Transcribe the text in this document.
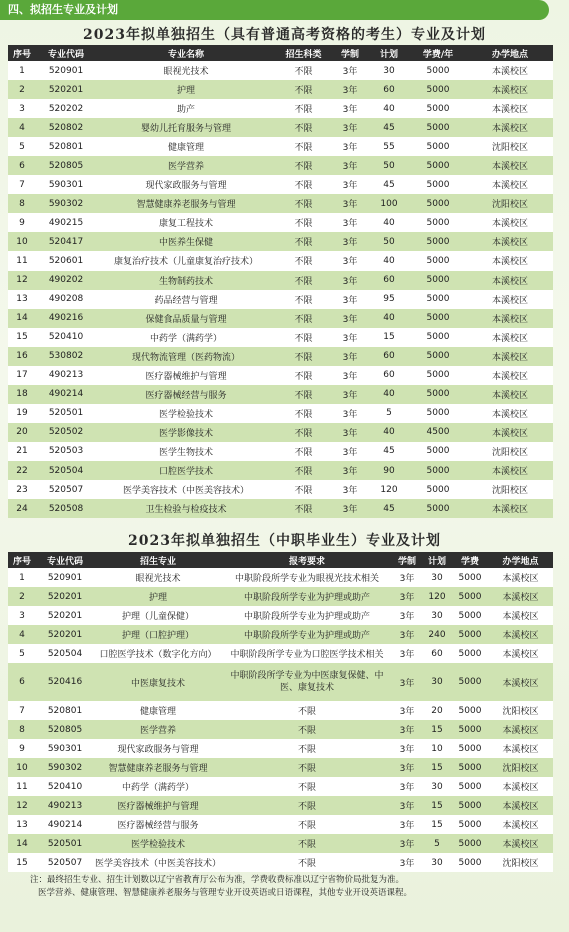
四、拟招生专业及计划
2023年拟单独招生（具有普通高考资格的考生）专业及计划
序号	专业代码	专业名称	招生科类	学制	计划	学费/年	办学地点
1	520901	眼视光技术	不限	3年	30	5000	本溪校区
2	520201	护理	不限	3年	60	5000	本溪校区
3	520202	助产	不限	3年	40	5000	本溪校区
4	520802	婴幼儿托育服务与管理	不限	3年	45	5000	本溪校区
5	520801	健康管理	不限	3年	55	5000	沈阳校区
6	520805	医学营养	不限	3年	50	5000	本溪校区
7	590301	现代家政服务与管理	不限	3年	45	5000	本溪校区
8	590302	智慧健康养老服务与管理	不限	3年	100	5000	沈阳校区
9	490215	康复工程技术	不限	3年	40	5000	本溪校区
10	520417	中医养生保健	不限	3年	50	5000	本溪校区
11	520601	康复治疗技术（儿童康复治疗技术）	不限	3年	40	5000	本溪校区
12	490202	生物制药技术	不限	3年	60	5000	本溪校区
13	490208	药品经营与管理	不限	3年	95	5000	本溪校区
14	490216	保健食品质量与管理	不限	3年	40	5000	本溪校区
15	520410	中药学（满药学）	不限	3年	15	5000	本溪校区
16	530802	现代物流管理（医药物流）	不限	3年	60	5000	本溪校区
17	490213	医疗器械维护与管理	不限	3年	60	5000	本溪校区
18	490214	医疗器械经营与服务	不限	3年	40	5000	本溪校区
19	520501	医学检验技术	不限	3年	5	5000	本溪校区
20	520502	医学影像技术	不限	3年	40	4500	本溪校区
21	520503	医学生物技术	不限	3年	45	5000	沈阳校区
22	520504	口腔医学技术	不限	3年	90	5000	本溪校区
23	520507	医学美容技术（中医美容技术）	不限	3年	120	5000	沈阳校区
24	520508	卫生检验与检疫技术	不限	3年	45	5000	本溪校区
2023年拟单独招生（中职毕业生）专业及计划
序号	专业代码	招生专业	报考要求	学制	计划	学费	办学地点
1	520901	眼视光技术	中职阶段所学专业为眼视光技术相关	3年	30	5000	本溪校区
2	520201	护理	中职阶段所学专业为护理或助产	3年	120	5000	本溪校区
3	520201	护理（儿童保健）	中职阶段所学专业为护理或助产	3年	30	5000	本溪校区
4	520201	护理（口腔护理）	中职阶段所学专业为护理或助产	3年	240	5000	本溪校区
5	520504	口腔医学技术（数字化方向）	中职阶段所学专业为口腔医学技术相关	3年	60	5000	本溪校区
6	520416	中医康复技术	中职阶段所学专业为中医康复保健、中医、康复技术	3年	30	5000	本溪校区
7	520801	健康管理	不限	3年	20	5000	沈阳校区
8	520805	医学营养	不限	3年	15	5000	本溪校区
9	590301	现代家政服务与管理	不限	3年	10	5000	本溪校区
10	590302	智慧健康养老服务与管理	不限	3年	15	5000	沈阳校区
11	520410	中药学（满药学）	不限	3年	30	5000	本溪校区
12	490213	医疗器械维护与管理	不限	3年	15	5000	本溪校区
13	490214	医疗器械经营与服务	不限	3年	15	5000	本溪校区
14	520501	医学检验技术	不限	3年	5	5000	本溪校区
15	520507	医学美容技术（中医美容技术）	不限	3年	30	5000	沈阳校区
注：最终招生专业、招生计划数以辽宁省教育厅公布为准，学费收费标准以辽宁省物价局批复为准。
医学营养、健康管理、智慧健康养老服务与管理专业开设英语或日语课程，其他专业开设英语课程。
